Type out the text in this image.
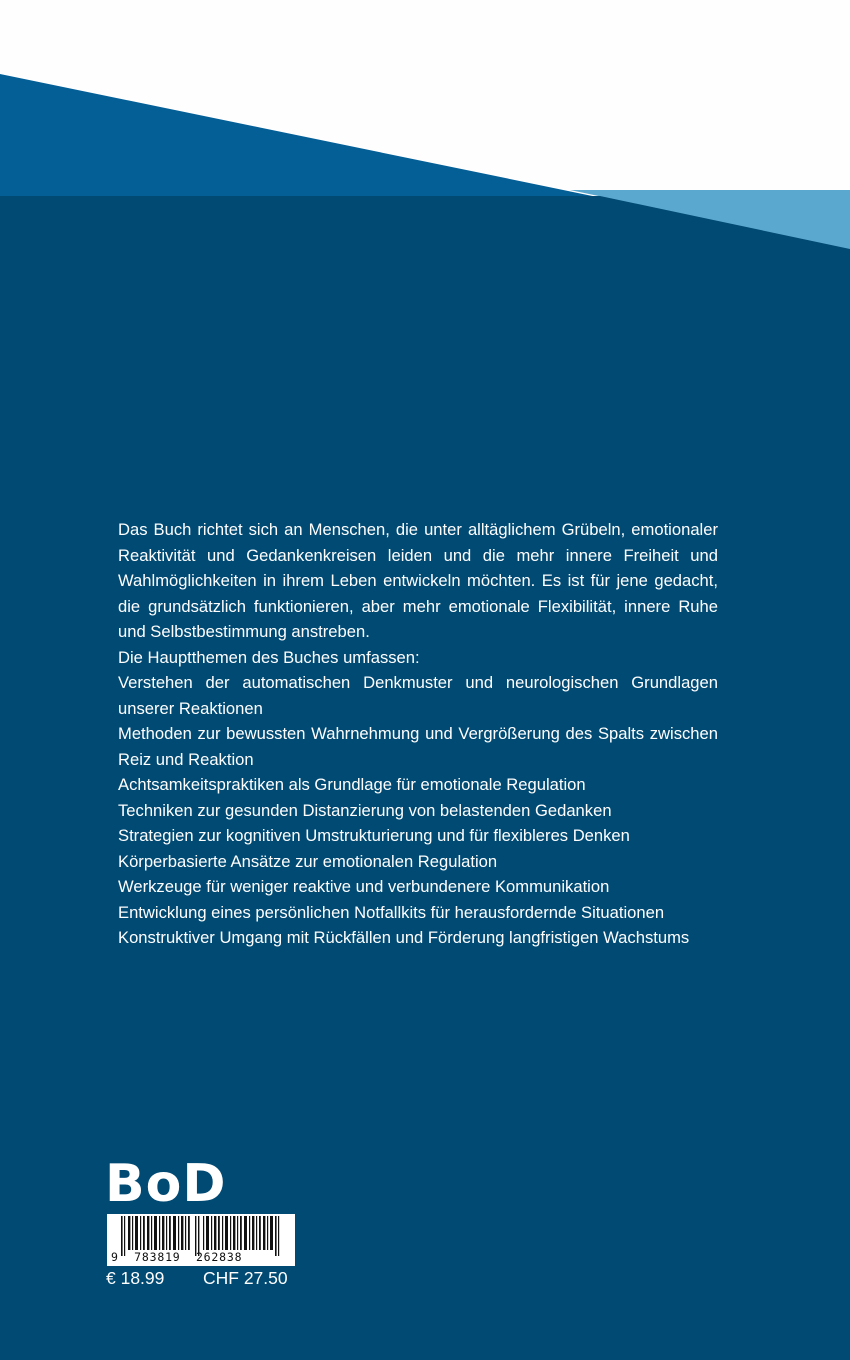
Das Buch richtet sich an Menschen, die unter alltäglichem Grübeln, emotionaler Reaktivität und Gedankenkreisen leiden und die mehr innere Freiheit und Wahlmöglichkeiten in ihrem Leben entwickeln möchten. Es ist für jene gedacht, die grundsätzlich funktionieren, aber mehr emotionale Flexibilität, innere Ruhe und Selbstbestimmung anstreben.

Die Hauptthemen des Buches umfassen:

Verstehen der automatischen Denkmuster und neurologischen Grundlagen unserer Reaktionen

Methoden zur bewussten Wahrnehmung und Vergrößerung des Spalts zwischen Reiz und Reaktion

Achtsamkeitspraktiken als Grundlage für emotionale Regulation

Techniken zur gesunden Distanzierung von belastenden Gedanken

Strategien zur kognitiven Umstrukturierung und für flexibleres Denken

Körperbasierte Ansätze zur emotionalen Regulation

Werkzeuge für weniger reaktive und verbundenere Kommunikation

Entwicklung eines persönlichen Notfallkits für herausfordernde Situationen

Konstruktiver Umgang mit Rückfällen und Förderung langfristigen Wachstums

BoD
9  783819  262838
€ 18.99 CHF 27.50
